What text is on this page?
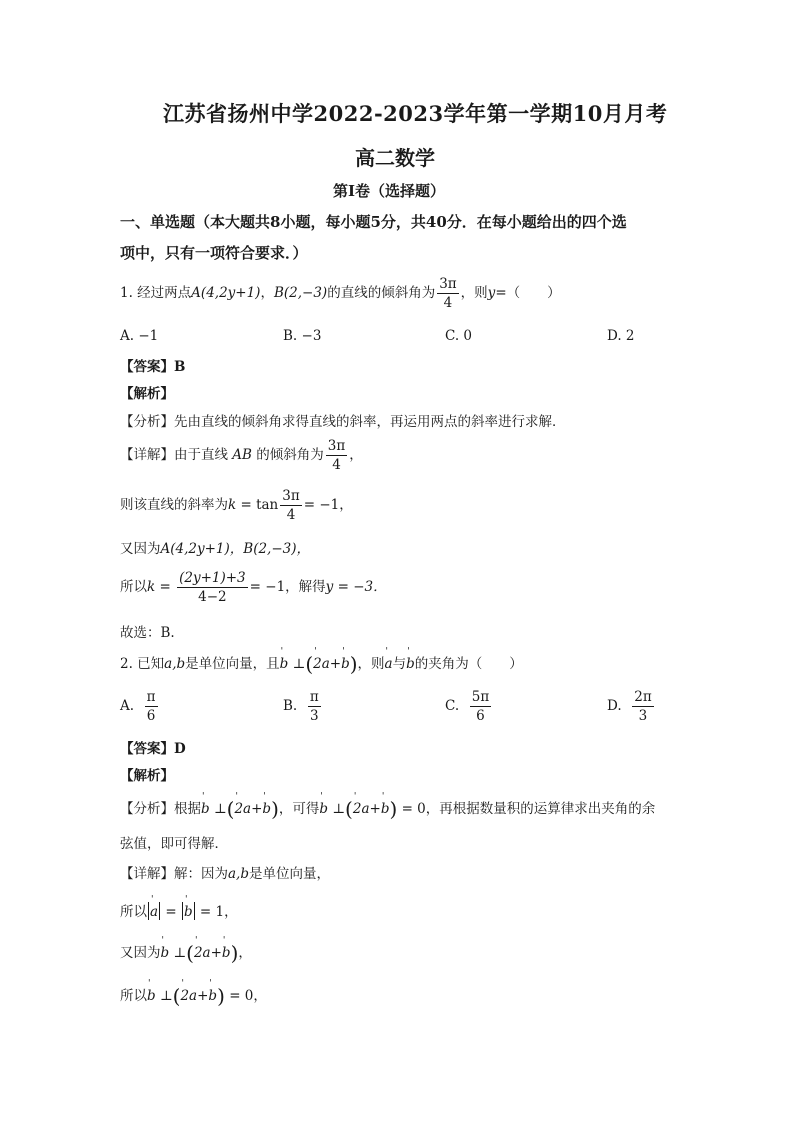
江苏省扬州中学2022-2023学年第一学期10月月考
高二数学
第Ⅰ卷（选择题）
一、单选题（本大题共8小题，每小题5分，共40分．在每小题给出的四个选
项中，只有一项符合要求．）
1. 经过两点A(4,2y+1)，B(2,−3)的直线的倾斜角为 $\frac{3\pi}{4}$ ，则y=（　　）
A. −1	B. −3	C. 0	D. 2
【答案】B
【解析】
【分析】先由直线的倾斜角求得直线的斜率，再运用两点的斜率进行求解．
【详解】由于直线 AB 的倾斜角为 $\frac{3\pi}{4}$ ，
则该直线的斜率为$k = \tan \frac{3\pi}{4} = -1$，
又因为A(4,2y+1)，B(2,−3)，
所以$k = \frac{(2y+1)+3}{4-2} = -1$，解得y = −3．
故选：B.
2. 已知a,b是单位向量，且' b ⊥(' 2a+' b)，则' a与' b的夹角为（　　）
A. $\frac{\pi}{6}$	B. $\frac{\pi}{3}$	C. $\frac{5\pi}{6}$	D. $\frac{2\pi}{3}$
【答案】D
【解析】
【分析】根据' b ⊥(' 2a+' b)，可得' b ⊥(' 2a+' b) = 0，再根据数量积的运算律求出夹角的余
弦值，即可得解．
【详解】解：因为a,b是单位向量，
所以' a = ' b = 1，
又因为' b ⊥(' 2a+' b)，
所以' b ⊥(' 2a+' b) = 0，
